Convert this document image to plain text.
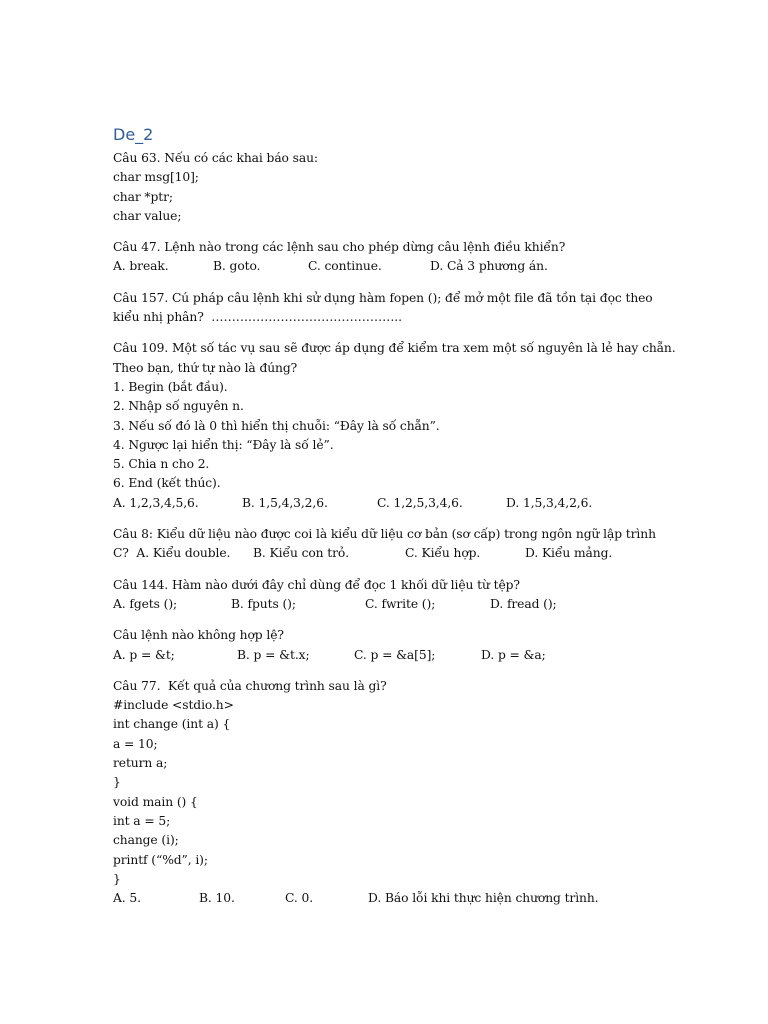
De_2
Câu 63. Nếu có các khai báo sau:
char msg[10];
char *ptr;
char value;
Câu 47. Lệnh nào trong các lệnh sau cho phép dừng câu lệnh điều khiển?

A. break.

	B. goto.

	C. continue.

	D. Cả 3 phương án.

Câu 157. Cú pháp câu lệnh khi sử dụng hàm fopen (); để mở một file đã tồn tại đọc theo
kiểu nhị phân?  ………………………………………..
Câu 109. Một số tác vụ sau sẽ được áp dụng để kiểm tra xem một số nguyên là lẻ hay chẵn.
Theo bạn, thứ tự nào là đúng?
1. Begin (bắt đầu).
2. Nhập số nguyên n.
3. Nếu số đó là 0 thì hiển thị chuỗi: “Đây là số chẵn”.
4. Ngược lại hiển thị: “Đây là số lẻ”.
5. Chia n cho 2.
6. End (kết thúc).

A. 1,2,3,4,5,6.

	B. 1,5,4,3,2,6.

	C. 1,2,5,3,4,6.

	D. 1,5,3,4,2,6.

Câu 8: Kiểu dữ liệu nào được coi là kiểu dữ liệu cơ bản (sơ cấp) trong ngôn ngữ lập trình

C?  A. Kiểu double.

B. Kiểu con trỏ.

	C. Kiểu hợp.

	D. Kiểu mảng.

Câu 144. Hàm nào dưới đây chỉ dùng để đọc 1 khối dữ liệu từ tệp?

A. fgets ();

	B. fputs ();

	C. fwrite ();

	D. fread ();

Câu lệnh nào không hợp lệ?

A. p = &t;

	B. p = &t.x;

	C. p = &a[5];

	D. p = &a;

Câu 77.  Kết quả của chương trình sau là gì?
#include <stdio.h>
int change (int a) {
a = 10;
return a;
}
void main () {
int a = 5;
change (i);
printf (“%d”, i);
}

A. 5.

	B. 10.

	C. 0.

	D. Báo lỗi khi thực hiện chương trình.
